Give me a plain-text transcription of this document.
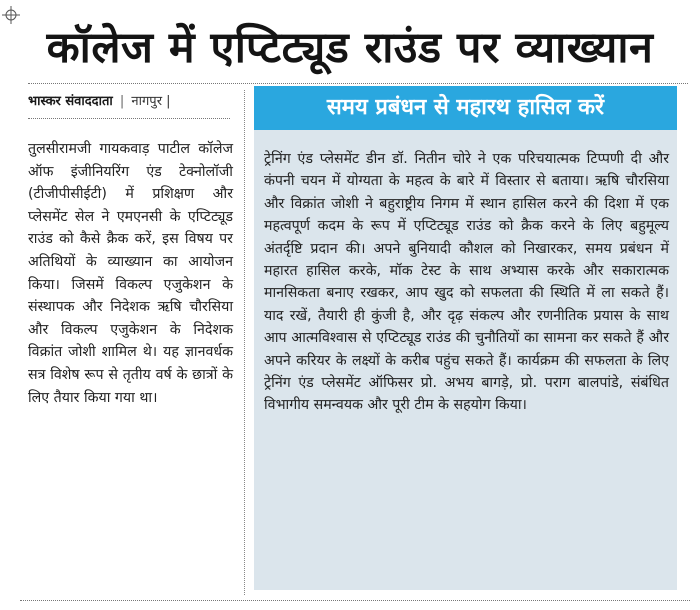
कॉलेज में एप्टिट्यूड राउंड पर व्याख्यान
भास्कर संवाददाता | नागपुर |
तुलसीरामजी गायकवाड़ पाटील कॉलेज ऑफ इंजीनियरिंग एंड टेक्नोलॉजी (टीजीपीसीईटी) में प्रशिक्षण और प्लेसमेंट सेल ने एमएनसी के एप्टिट्यूड राउंड को कैसे क्रैक करें, इस विषय पर अतिथियों के व्याख्यान का आयोजन किया। जिसमें विकल्प एजुकेशन के संस्थापक और निदेशक ऋषि चौरसिया और विकल्प एजुकेशन के निदेशक विक्रांत जोशी शामिल थे। यह ज्ञानवर्धक सत्र विशेष रूप से तृतीय वर्ष के छात्रों के लिए तैयार किया गया था।
समय प्रबंधन से महारथ हासिल करें
ट्रेनिंग एंड प्लेसमेंट डीन डॉ. नितीन चोरे ने एक परिचयात्मक टिप्पणी दी और कंपनी चयन में योग्यता के महत्व के बारे में विस्तार से बताया। ऋषि चौरसिया और विक्रांत जोशी ने बहुराष्ट्रीय निगम में स्थान हासिल करने की दिशा में एक महत्वपूर्ण कदम के रूप में एप्टिट्यूड राउंड को क्रैक करने के लिए बहुमूल्य अंतर्दृष्टि प्रदान की। अपने बुनियादी कौशल को निखारकर, समय प्रबंधन में महारत हासिल करके, मॉक टेस्ट के साथ अभ्यास करके और सकारात्मक मानसिकता बनाए रखकर, आप खुद को सफलता की स्थिति में ला सकते हैं। याद रखें, तैयारी ही कुंजी है, और दृढ़ संकल्प और रणनीतिक प्रयास के साथ आप आत्मविश्वास से एप्टिट्यूड राउंड की चुनौतियों का सामना कर सकते हैं और अपने करियर के लक्ष्यों के करीब पहुंच सकते हैं। कार्यक्रम की सफलता के लिए ट्रेनिंग एंड प्लेसमेंट ऑफिसर प्रो. अभय बागड़े, प्रो. पराग बालपांडे, संबंधित विभागीय समन्वयक और पूरी टीम के सहयोग किया।
